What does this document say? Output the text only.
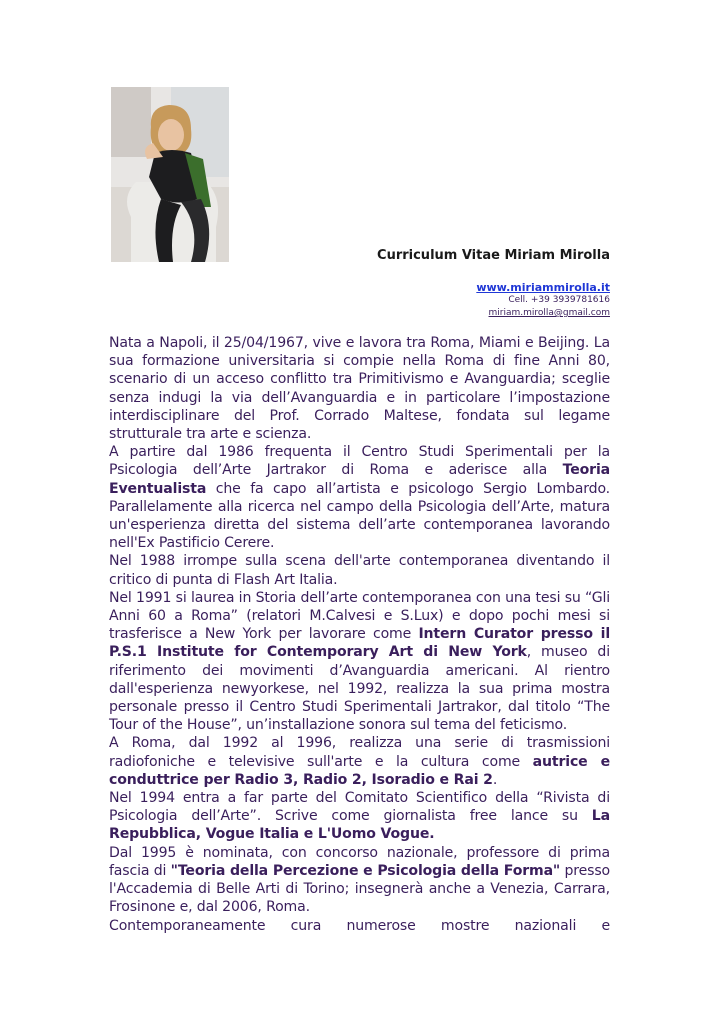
Curriculum Vitae Miriam Mirolla
www.miriammirolla.it
Cell. +39 3939781616
miriam.mirolla@gmail.com

Nata a Napoli, il 25/04/1967, vive e lavora tra Roma, Miami e Beijing. La sua formazione universitaria si compie nella Roma di fine Anni 80, scenario di un acceso conflitto tra Primitivismo e Avanguardia; sceglie senza indugi la via dell’Avanguardia e in particolare l’impostazione interdisciplinare del Prof. Corrado Maltese, fondata sul legame strutturale tra arte e scienza.

A partire dal 1986 frequenta il Centro Studi Sperimentali per la Psicologia dell’Arte Jartrakor di Roma e aderisce alla Teoria Eventualista che fa capo all’artista e psicologo Sergio Lombardo. Parallelamente alla ricerca nel campo della Psicologia dell’Arte, matura un'esperienza diretta del sistema dell’arte contemporanea lavorando nell'Ex Pastificio Cerere.

Nel 1988 irrompe sulla scena dell'arte contemporanea diventando il critico di punta di Flash Art Italia.

Nel 1991 si laurea in Storia dell’arte contemporanea con una tesi su “Gli Anni 60 a Roma” (relatori M.Calvesi e S.Lux) e dopo pochi mesi si trasferisce a New York per lavorare come Intern Curator presso il P.S.1 Institute for Contemporary Art di New York, museo di riferimento dei movimenti d’Avanguardia americani. Al rientro dall'esperienza newyorkese, nel 1992, realizza la sua prima mostra personale presso il Centro Studi Sperimentali Jartrakor, dal titolo “The Tour of the House”, un’installazione sonora sul tema del feticismo.

A Roma, dal 1992 al 1996, realizza una serie di trasmissioni radiofoniche e televisive sull'arte e la cultura come autrice e conduttrice per Radio 3, Radio 2, Isoradio e Rai 2.

Nel 1994 entra a far parte del Comitato Scientifico della “Rivista di Psicologia dell’Arte”. Scrive come giornalista free lance su La Repubblica, Vogue Italia e L'Uomo Vogue.

Dal 1995 è nominata, con concorso nazionale, professore di prima fascia di "Teoria della Percezione e Psicologia della Forma" presso l'Accademia di Belle Arti di Torino; insegnerà anche a Venezia, Carrara, Frosinone e, dal 2006, Roma.

Contemporaneamente cura numerose mostre nazionali e
